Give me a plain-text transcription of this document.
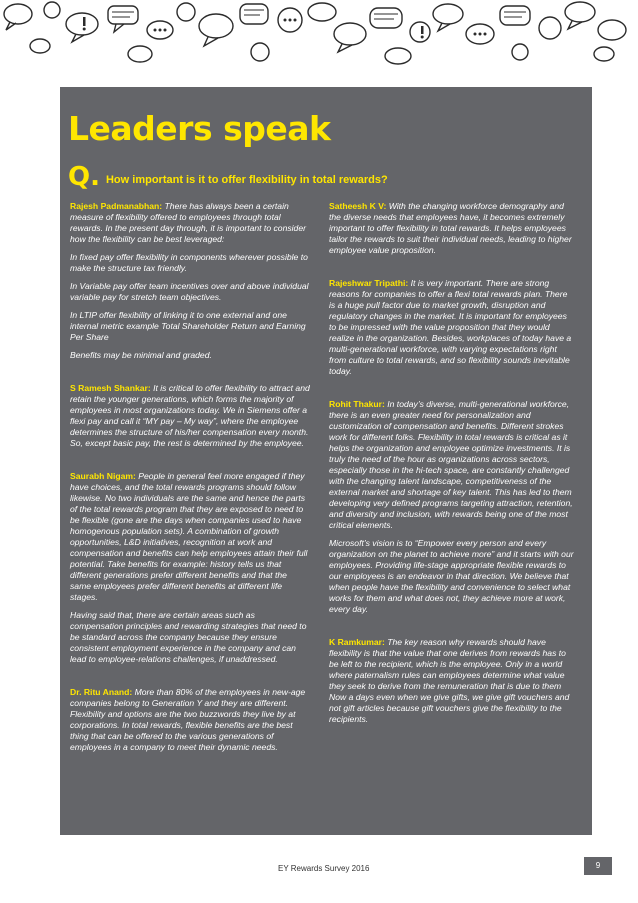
Leaders speak
Q. How important is it to offer flexibility in total rewards?

Rajesh Padmanabhan: There has always been a certain measure of flexibility offered to employees through total rewards. In the present day through, it is important to consider how the flexibility can be best leveraged:

In fixed pay offer flexibility in components wherever possible to make the structure tax friendly.

In Variable pay offer team incentives over and above individual variable pay for stretch team objectives.

In LTIP offer flexibility of linking it to one external and one internal metric example Total Shareholder Return and Earning Per Share

Benefits may be minimal and graded.

S Ramesh Shankar: It is critical to offer flexibility to attract and retain the younger generations, which forms the majority of employees in most organizations today. We in Siemens offer a flexi pay and call it “MY pay – My way”, where the employee determines the structure of his/her compensation every month. So, except basic pay, the rest is determined by the employee.

Saurabh Nigam: People in general feel more engaged if they have choices, and the total rewards programs should follow likewise. No two individuals are the same and hence the parts of the total rewards program that they are exposed to need to be flexible (gone are the days when companies used to have homogenous population sets). A combination of growth opportunities, L&D initiatives, recognition at work and compensation and benefits can help employees attain their full potential. Take benefits for example: history tells us that different generations prefer different benefits and that the same employees prefer different benefits at different life stages.

Having said that, there are certain areas such as compensation principles and rewarding strategies that need to be standard across the company because they ensure consistent employment experience in the company and can lead to employee-relations challenges, if unaddressed.

Dr. Ritu Anand: More than 80% of the employees in new-age companies belong to Generation Y and they are different. Flexibility and options are the two buzzwords they live by at corporations. In total rewards, flexible benefits are the best thing that can be offered to the various generations of employees in a company to meet their dynamic needs.

Satheesh K V: With the changing workforce demography and the diverse needs that employees have, it becomes extremely important to offer flexibility in total rewards. It helps employees tailor the rewards to suit their individual needs, leading to higher employee value proposition.

Rajeshwar Tripathi: It is very important. There are strong reasons for companies to offer a flexi total rewards plan. There is a huge pull factor due to market growth, disruption and regulatory changes in the market. It is important for employees to be impressed with the value proposition that they would realize in the organization. Besides, workplaces of today have a multi-generational workforce, with varying expectations right from culture to total rewards, and so flexibility sounds inevitable today.

Rohit Thakur: In today’s diverse, multi-generational workforce, there is an even greater need for personalization and customization of compensation and benefits. Different strokes work for different folks. Flexibility in total rewards is critical as it helps the organization and employee optimize investments. It is truly the need of the hour as organizations across sectors, especially those in the hi-tech space, are constantly challenged with the changing talent landscape, competitiveness of the external market and shortage of key talent. This has led to them developing very defined programs targeting attraction, retention, and diversity and inclusion, with rewards being one of the most critical elements.

Microsoft’s vision is to “Empower every person and every organization on the planet to achieve more” and it starts with our employees. Providing life-stage appropriate flexible rewards to our employees is an endeavor in that direction. We believe that when people have the flexibility and convenience to select what works for them and what does not, they achieve more at work, every day.

K Ramkumar: The key reason why rewards should have flexibility is that the value that one derives from rewards has to be left to the recipient, which is the employee. Only in a world where paternalism rules can employees determine what value they seek to derive from the remuneration that is due to them Now a days even when we give gifts, we give gift vouchers and not gift articles because gift vouchers give the flexibility to the recipients.

EY Rewards Survey 2016	9
